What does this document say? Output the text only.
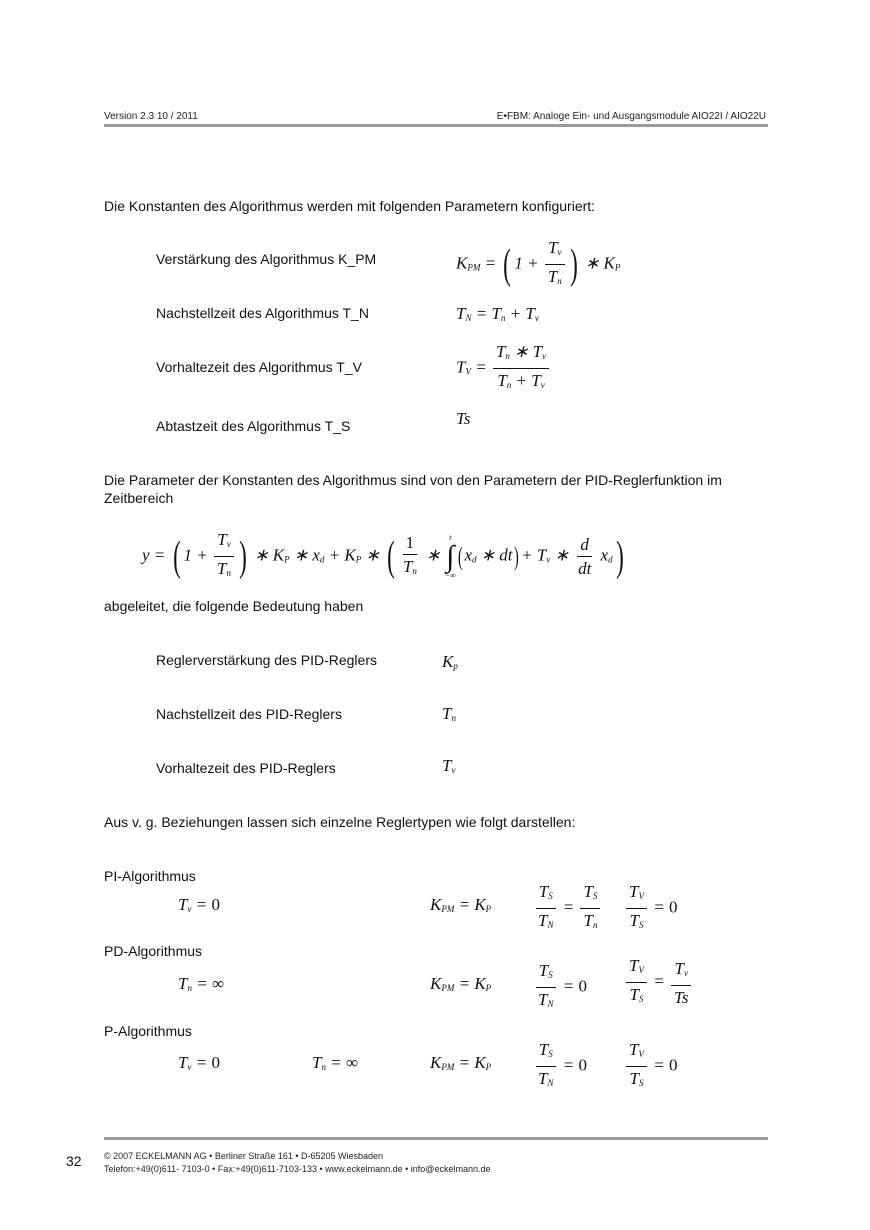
Version 2.3 10 / 2011	E•FBM: Analoge Ein- und Ausgangsmodule AIO22I / AIO22U
Die Konstanten des Algorithmus werden mit folgenden Parametern konfiguriert:
Verstärkung des Algorithmus K_PM	$K_{PM}$ = ( $1 + \frac{T_v}{T_n}$ ) ∗ $K_P$
Nachstellzeit des Algorithmus T_N	$T_N = T_n + T_v$
Vorhaltezeit des Algorithmus T_V	$T_V = \frac{T_n ∗ T_v}{T_n + T_v}$
Abtastzeit des Algorithmus T_S	Ts
Die Parameter der Konstanten des Algorithmus sind von den Parametern der PID-Reglerfunktion im
Zeitbereich
y = ( $1 + \frac{T_v}{T_n}$ ) ∗ $K_P$ ∗ $x_d + K_P$ ∗ ( $\frac{1}{T_n}$ ∗
t
∫
−∞
( $x_d$ ∗ $dt) + T_v$ ∗ $\frac{d}{dt} x_d$)
abgeleitet, die folgende Bedeutung haben
Reglerverstärkung des PID-Reglers	$K_p$
Nachstellzeit des PID-Reglers	$T_n$
Vorhaltezeit des PID-Reglers	$T_v$
Aus v. g. Beziehungen lassen sich einzelne Reglertypen wie folgt darstellen:
PI-Algorithmus
$T_v = 0$	$K_{PM} = K_P$	$\frac{T_S}{T_N} = \frac{T_S}{T_n} \frac{T_V}{T_S} = 0$
PD-Algorithmus
$T_n$ = ∞	$K_{PM} = K_P$	$\frac{T_S}{T_N} = 0 \frac{T_V}{T_S} = \frac{T_v}{Ts}$
P-Algorithmus
$T_v = 0$	$T_n$ = ∞	$K_{PM} = K_P$	$\frac{T_S}{T_N} = 0 \frac{T_V}{T_S} = 0$
32 © 2007 ECKELMANN AG • Berliner Straße 161 • D-65205 Wiesbaden
Telefon:+49(0)611- 7103-0 • Fax:+49(0)611-7103-133 • www.eckelmann.de • info@eckelmann.de
